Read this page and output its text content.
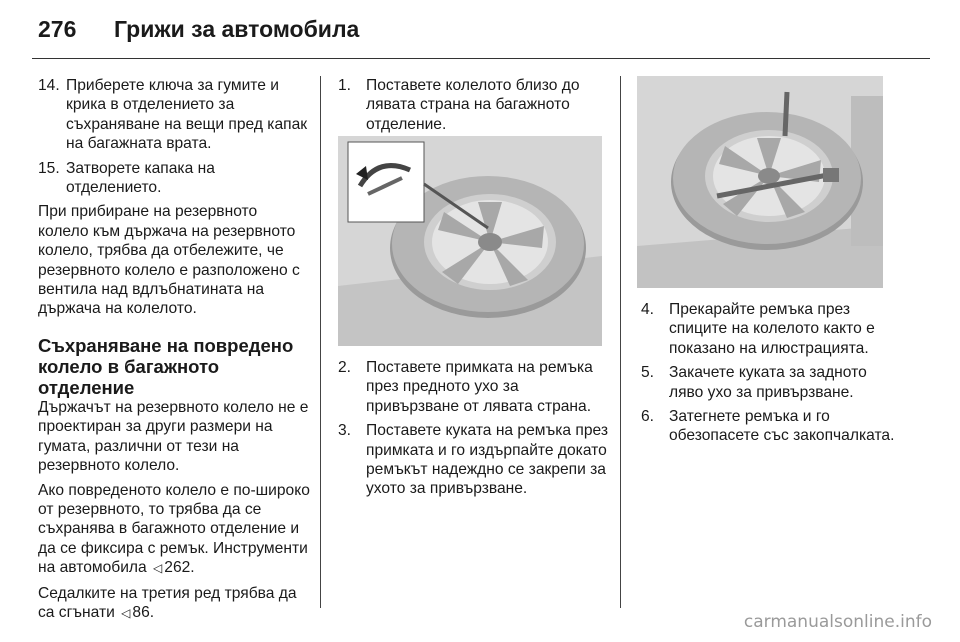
276 Грижи за автомобила
14. Приберете ключа за гумите и крика в отделението за съхраняване на вещи пред капак на багажната врата.
15. Затворете капака на отделението.

При прибиране на резервното колело към държача на резервното колело, трябва да отбележите, че резервното колело е разположено с вентила над вдлъбнатината на държача на колелото.

Съхраняване на повредено колело в багажното отделение

Държачът на резервното колело не е проектиран за други размери на гумата, различни от тези на резервното колело.

Ако повреденото колело е по-широко от резервното, то трябва да се съхранява в багажното отделение и да се фиксира с ремък. Инструменти на автомобила ◁ 262.

Седалките на третия ред трябва да са сгънати ◁ 86.

1. Поставете колелото близо до лявата страна на багажното отделение.
2. Поставете примката на ремъка през предното ухо за привързване от лявата страна.
3. Поставете куката на ремъка през примката и го издърпайте докато ремъкът надеждно се закрепи за ухото за привързване.
4. Прекарайте ремъка през спиците на колелото както е показано на илюстрацията.
5. Закачете куката за задното ляво ухо за привързване.
6. Затегнете ремъка и го обезопасете със закопчалката.
carmanualsonline.info
